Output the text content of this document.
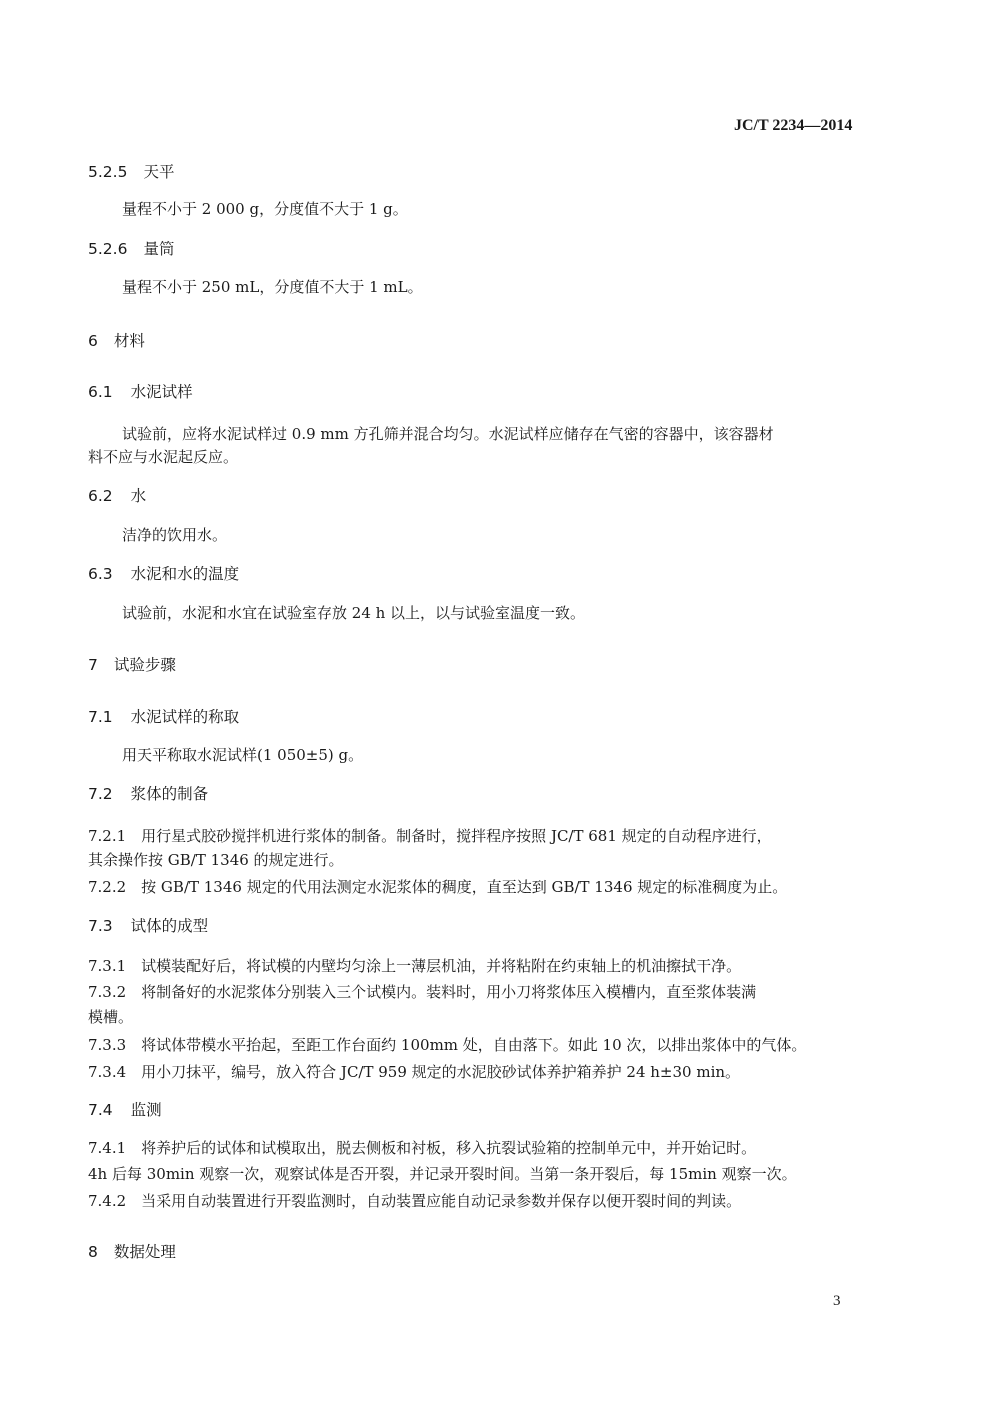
JC/T 2234—2014
5.2.5 天平
量程不小于 2 000 g，分度值不大于 1 g。
5.2.6 量筒
量程不小于 250 mL，分度值不大于 1 mL。
6 材料
6.1 水泥试样
试验前，应将水泥试样过 0.9 mm 方孔筛并混合均匀。水泥试样应储存在气密的容器中，该容器材
料不应与水泥起反应。
6.2 水
洁净的饮用水。
6.3 水泥和水的温度
试验前，水泥和水宜在试验室存放 24 h 以上，以与试验室温度一致。
7 试验步骤
7.1 水泥试样的称取
用天平称取水泥试样(1 050±5) g。
7.2 浆体的制备
7.2.1　用行星式胶砂搅拌机进行浆体的制备。制备时，搅拌程序按照 JC/T 681 规定的自动程序进行，
其余操作按 GB/T 1346 的规定进行。
7.2.2　按 GB/T 1346 规定的代用法测定水泥浆体的稠度，直至达到 GB/T 1346 规定的标准稠度为止。
7.3 试体的成型
7.3.1　试模装配好后，将试模的内壁均匀涂上一薄层机油，并将粘附在约束轴上的机油擦拭干净。
7.3.2　将制备好的水泥浆体分别装入三个试模内。装料时，用小刀将浆体压入模槽内，直至浆体装满
模槽。
7.3.3　将试体带模水平抬起，至距工作台面约 100mm 处，自由落下。如此 10 次，以排出浆体中的气体。
7.3.4　用小刀抹平，编号，放入符合 JC/T 959 规定的水泥胶砂试体养护箱养护 24 h±30 min。
7.4 监测
7.4.1　将养护后的试体和试模取出，脱去侧板和衬板，移入抗裂试验箱的控制单元中，并开始记时。
4h 后每 30min 观察一次，观察试体是否开裂，并记录开裂时间。当第一条开裂后，每 15min 观察一次。
7.4.2　当采用自动装置进行开裂监测时，自动装置应能自动记录参数并保存以便开裂时间的判读。
8 数据处理
3
